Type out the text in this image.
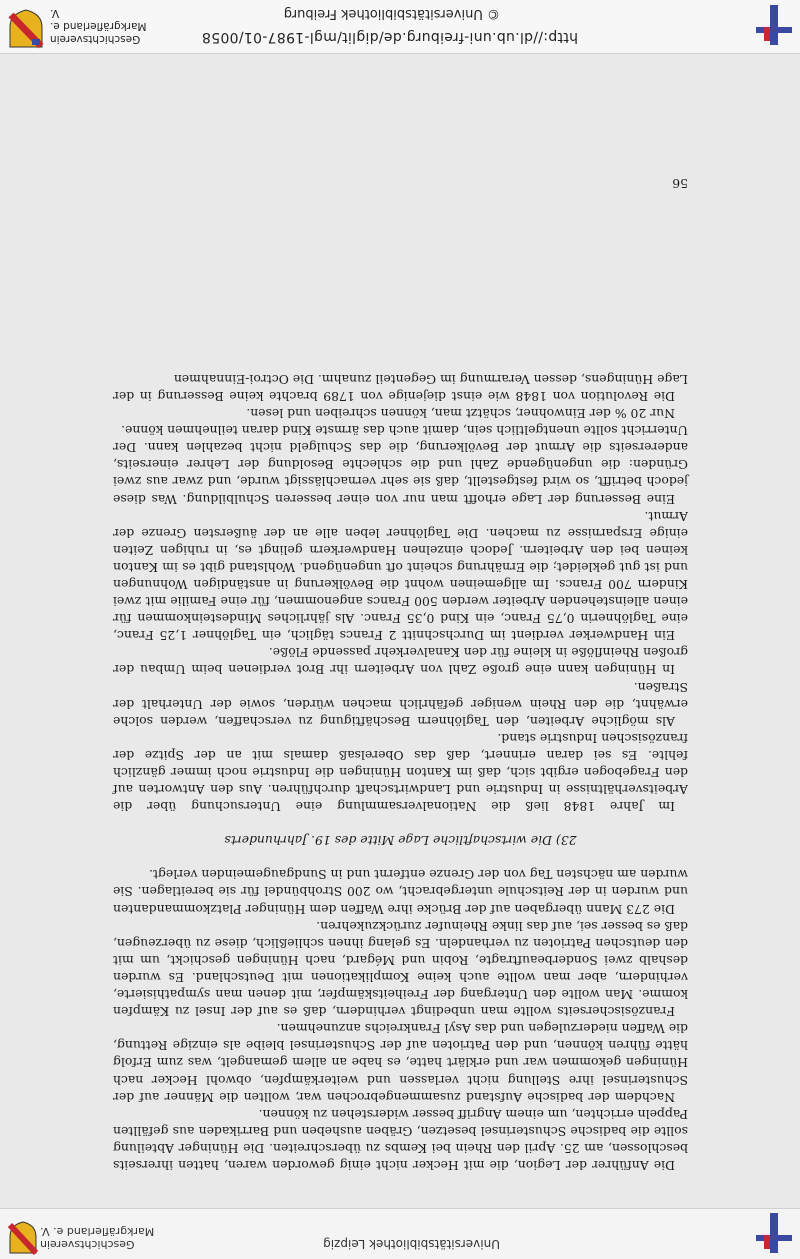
Universitätsbibliothek Leipzig
Geschichtsverein Markgräflerland e. V.

Die Anführer der Legion, die mit Hecker nicht einig geworden waren, hatten ihrerseits beschlossen, am 25. April den Rhein bei Kembs zu überschreiten. Die Hüninger Abteilung sollte die badische Schusterinsel besetzen, Gräben ausheben und Barrikaden aus gefällten Pappeln errichten, um einem Angriff besser widerstehen zu können.

Nachdem der badische Aufstand zusammengebrochen war, wollten die Männer auf der Schusterinsel ihre Stellung nicht verlassen und weiterkämpfen, obwohl Hecker nach Hüningen gekommen war und erklärt hatte, es habe an allem gemangelt, was zum Erfolg hätte führen können, und den Patrioten auf der Schusterinsel bleibe als einzige Rettung, die Waffen niederzulegen und das Asyl Frankreichs anzunehmen.

Französischerseits wollte man unbedingt verhindern, daß es auf der Insel zu Kämpfen komme. Man wollte den Untergang der Freiheitskämpfer, mit denen man sympathisierte, verhindern, aber man wollte auch keine Komplikationen mit Deutschland. Es wurden deshalb zwei Sonderbeauftragte, Robin und Mégard, nach Hüningen geschickt, um mit den deutschen Patrioten zu verhandeln. Es gelang ihnen schließlich, diese zu überzeugen, daß es besser sei, auf das linke Rheinufer zurückzukehren.

Die 273 Mann übergaben auf der Brücke ihre Waffen dem Hüninger Platzkommandanten und wurden in der Reitschule untergebracht, wo 200 Strohbündel für sie bereitlagen. Sie wurden am nächsten Tag von der Grenze entfernt und in Sundgaugemeinden verlegt.

23) Die wirtschaftliche Lage Mitte des 19. Jahrhunderts

Im Jahre 1848 ließ die Nationalversammlung eine Untersuchung über die Arbeitsverhältnisse in Industrie und Landwirtschaft durchführen. Aus den Antworten auf den Fragebogen ergibt sich, daß im Kanton Hüningen die Industrie noch immer gänzlich fehlte. Es sei daran erinnert, daß das Oberelsaß damals mit an der Spitze der französischen Industrie stand.

Als mögliche Arbeiten, den Taglöhnern Beschäftigung zu verschaffen, werden solche erwähnt, die den Rhein weniger gefährlich machen würden, sowie der Unterhalt der Straßen.

In Hüningen kann eine große Zahl von Arbeitern ihr Brot verdienen beim Umbau der großen Rheinflöße in kleine für den Kanalverkehr passende Flöße.

Ein Handwerker verdient im Durchschnitt 2 Francs täglich, ein Taglöhner 1,25 Franc, eine Taglöhnerin 0,75 Franc, ein Kind 0,35 Franc. Als jährliches Mindesteinkommen für einen alleinstehenden Arbeiter werden 500 Francs angenommen, für eine Familie mit zwei Kindern 700 Francs. Im allgemeinen wohnt die Bevölkerung in anständigen Wohnungen und ist gut gekleidet; die Ernährung scheint oft ungenügend. Wohlstand gibt es im Kanton keinen bei den Arbeitern. Jedoch einzelnen Handwerkern gelingt es, in ruhigen Zeiten einige Ersparnisse zu machen. Die Taglöhner leben alle an der äußersten Grenze der Armut.

Eine Besserung der Lage erhofft man nur von einer besseren Schulbildung. Was diese jedoch betrifft, so wird festgestellt, daß sie sehr vernachlässigt wurde, und zwar aus zwei Gründen: die ungenügende Zahl und die schlechte Besoldung der Lehrer einerseits, andererseits die Armut der Bevölkerung, die das Schulgeld nicht bezahlen kann. Der Unterricht sollte unentgeltlich sein, damit auch das ärmste Kind daran teilnehmen könne.

Nur 20 % der Einwohner, schätzt man, können schreiben und lesen.

Die Revolution von 1848 wie einst diejenige von 1789 brachte keine Besserung in der Lage Hüningens, dessen Verarmung im Gegenteil zunahm. Die Octroi-Einnahmen

56
http://dl.ub.uni-freiburg.de/diglit/mgl-1987-01/0058
© Universitätsbibliothek Freiburg
Geschichtsverein
Markgräflerland e. V.
